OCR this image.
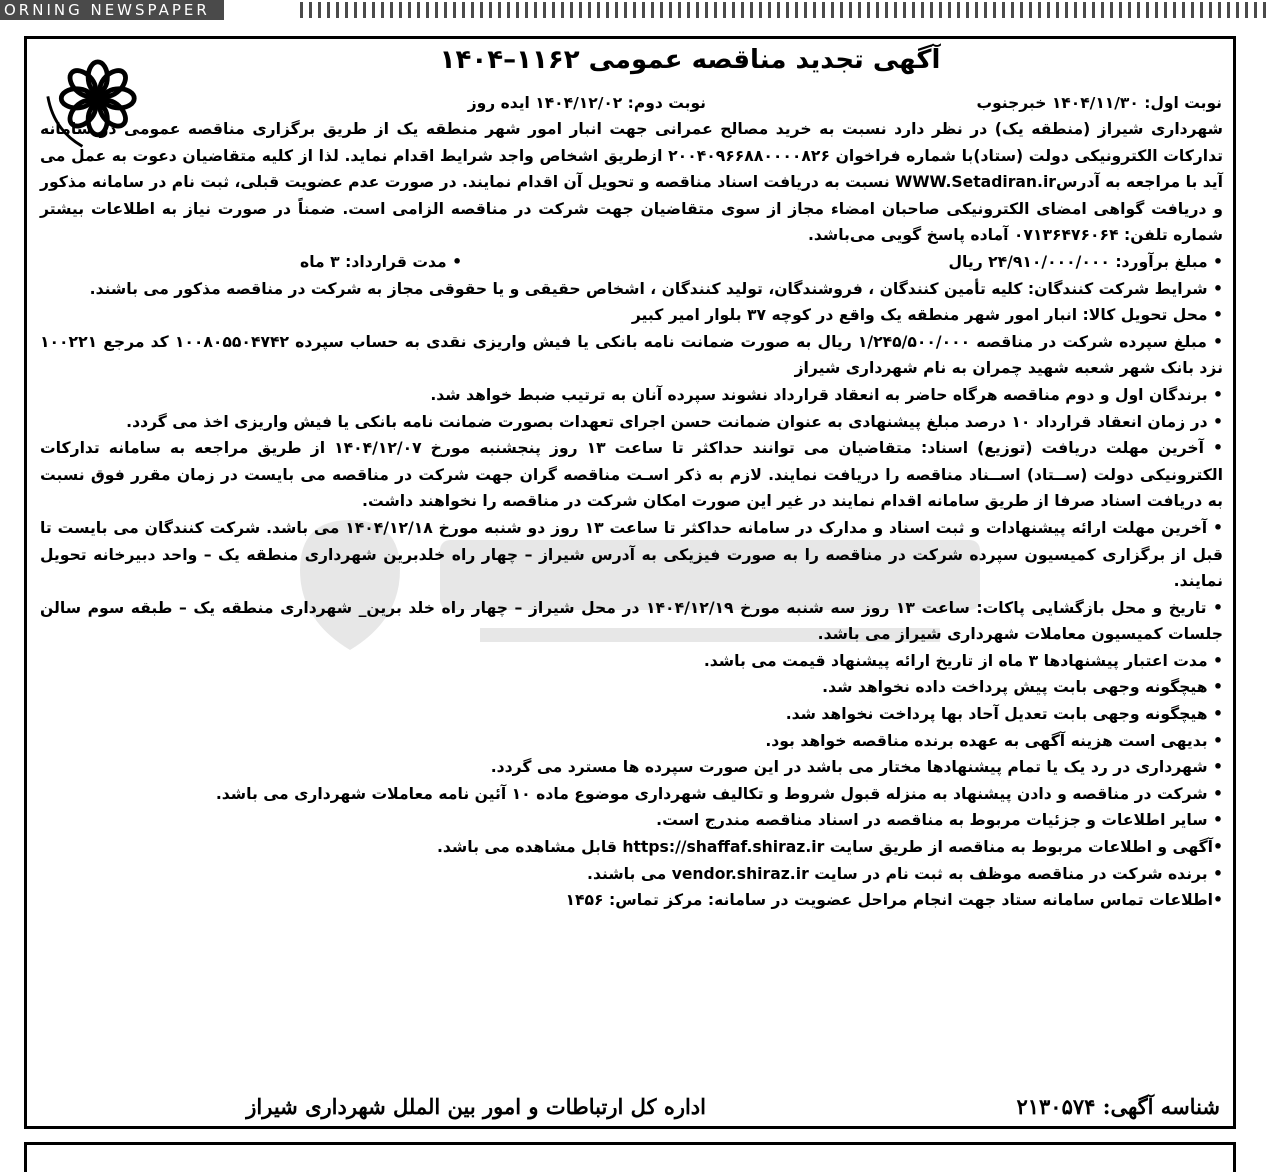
ORNING NEWSPAPER
آگهی تجدید مناقصه عمومی ۱۱۶۲–۱۴۰۴
نوبت اول: ۱۴۰۴/۱۱/۳۰ خبرجنوب
نوبت دوم: ۱۴۰۴/۱۲/۰۲ ایده روز

شهرداری شیراز (منطقه یک) در نظر دارد نسبت به خرید مصالح عمرانی جهت انبار امور شهر منطقه یک از طریق برگزاری مناقصه عمومی در سامانه تدارکات الکترونیکی دولت (ستاد)با شماره فراخوان ۲۰۰۴۰۹۶۶۸۸۰۰۰۰۸۲۶ ازطریق اشخاص واجد شرایط اقدام نماید. لذا از کلیه متقاضیان دعوت به عمل می آید با مراجعه به آدرسWWW.Setadiran.ir نسبت به دریافت اسناد مناقصه و تحویل آن اقدام نمایند. در صورت عدم عضویت قبلی، ثبت نام در سامانه مذکور و دریافت گواهی امضای الکترونیکی صاحبان امضاء مجاز از سوی متقاضیان جهت شرکت در مناقصه الزامی است. ضمناً در صورت نیاز به اطلاعات بیشتر شماره تلفن: ۰۷۱۳۶۴۷۶۰۶۴ آماده پاسخ گویی می‌باشد.

• مبلغ برآورد: ۲۴/۹۱۰/۰۰۰/۰۰۰ ریال
• مدت قرارداد: ۳ ماه

• شرایط شرکت کنندگان: کلیه تأمین کنندگان ، فروشندگان، تولید کنندگان ، اشخاص حقیقی و یا حقوقی مجاز به شرکت در مناقصه مذکور می باشند.

• محل تحویل کالا: انبار امور شهر منطقه یک واقع در کوچه ۳۷ بلوار امیر کبیر

• مبلغ سپرده شرکت در مناقصه ۱/۲۴۵/۵۰۰/۰۰۰ ریال به صورت ضمانت نامه بانکی یا فیش واریزی نقدی به حساب سپرده ۱۰۰۸۰۵۵۰۴۷۴۲ کد مرجع ۱۰۰۲۲۱ نزد بانک شهر شعبه شهید چمران به نام شهرداری شیراز

• برندگان اول و دوم مناقصه هرگاه حاضر به انعقاد قرارداد نشوند سپرده آنان به ترتیب ضبط خواهد شد.

• در زمان انعقاد قرارداد ۱۰ درصد مبلغ پیشنهادی به عنوان ضمانت حسن اجرای تعهدات بصورت ضمانت نامه بانکی یا فیش واریزی اخذ می گردد.

• آخرین مهلت دریافت (توزیع) اسناد: متقاضیان می توانند حداکثر تا ساعت ۱۳ روز پنجشنبه مورخ ۱۴۰۴/۱۲/۰۷ از طریق مراجعه به سامانه تدارکات الکترونیکی دولت (ســتاد) اســناد مناقصه را دریافت نمایند. لازم به ذکر اسـت مناقصه گران جهت شرکت در مناقصه می بایست در زمان مقرر فوق نسبت به دریافت اسناد صرفا از طریق سامانه اقدام نمایند در غیر این صورت امکان شرکت در مناقصه را نخواهند داشت.

• آخرین مهلت ارائه پیشنهادات و ثبت اسناد و مدارک در سامانه حداکثر تا ساعت ۱۳ روز دو شنبه مورخ ۱۴۰۴/۱۲/۱۸ می باشد. شرکت کنندگان می بایست تا قبل از برگزاری کمیسیون سپرده شرکت در مناقصه را به صورت فیزیکی به آدرس شیراز – چهار راه خلدبرین شهرداری منطقه یک – واحد دبیرخانه تحویل نمایند.

• تاریخ و محل بازگشایی پاکات: ساعت ۱۳ روز سه شنبه مورخ ۱۴۰۴/۱۲/۱۹ در محل شیراز – چهار راه خلد برین_ شهرداری منطقه یک – طبقه سوم سالن جلسات کمیسیون معاملات شهرداری شیراز می باشد.

• مدت اعتبار پیشنهادها ۳ ماه از تاریخ ارائه پیشنهاد قیمت می باشد.

• هیچگونه وجهی بابت پیش پرداخت داده نخواهد شد.

• هیچگونه وجهی بابت تعدیل آحاد بها پرداخت نخواهد شد.

• بدیهی است هزینه آگهی به عهده برنده مناقصه خواهد بود.

• شهرداری در رد یک یا تمام پیشنهادها مختار می باشد در این صورت سپرده ها مسترد می گردد.

• شرکت در مناقصه و دادن پیشنهاد به منزله قبول شروط و تکالیف شهرداری موضوع ماده ۱۰ آئین نامه معاملات شهرداری می باشد.

• سایر اطلاعات و جزئیات مربوط به مناقصه در اسناد مناقصه مندرج است.

•آگهی و اطلاعات مربوط به مناقصه از طریق سایت https://shaffaf.shiraz.ir قابل مشاهده می باشد.

• برنده شرکت در مناقصه موظف به ثبت نام در سایت vendor.shiraz.ir می باشند.

•اطلاعات تماس سامانه ستاد جهت انجام مراحل عضویت در سامانه: مرکز تماس: ۱۴۵۶

شناسه آگهی: ۲۱۳۰۵۷۴
اداره کل ارتباطات و امور بین الملل شهرداری شیراز
